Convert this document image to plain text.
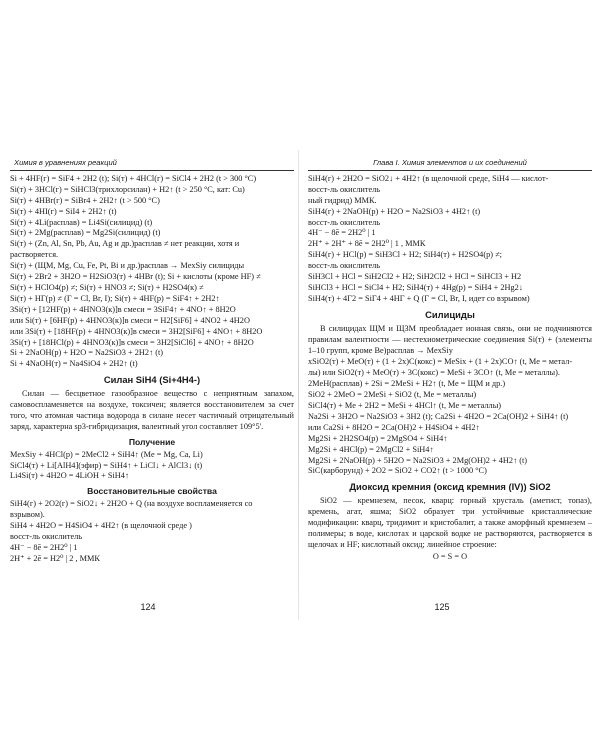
Химия в уравнениях реакций
Si + 4HF(г) = SiF4 + 2H2 (t); Si(т) + 4HCl(г) = SiCl4 + 2H2 (t > 300 °C)
Si(т) + 3HCl(г) = SiHCl3(трихлорсилан) + H2↑ (t > 250 °C, кат: Cu)
Si(т) + 4HBr(г) = SiBr4 + 2H2↑ (t > 500 °C)
Si(т) + 4HI(г) = SiI4 + 2H2↑ (t)
Si(т) + 4Li(расплав) = Li4Si(силицид) (t)
Si(т) + 2Mg(расплав) = Mg2Si(силицид) (t)
Si(т) + (Zn, Al, Sn, Pb, Au, Ag и др.)расплав ≠ нет реакции, хотя и
растворяется.
Si(т) + (ЩМ, Mg, Cu, Fe, Pt, Bi и др.)расплав → MexSiy силициды
Si(т) + 2Br2 + 3H2O = H2SiO3(т) + 4HBr (t); Si + кислоты (кроме HF) ≠
Si(т) + HClO4(р) ≠; Si(т) + HNO3 ≠; Si(т) + H2SO4(к) ≠
Si(т) + HГ(р) ≠ (Г = Cl, Br, I); Si(т) + 4HF(р) = SiF4↑ + 2H2↑
3Si(т) + [12HF(р) + 4HNO3(к)]в смеси = 3SiF4↑ + 4NO↑ + 8H2O
или Si(т) + [6HF(р) + 4HNO3(к)]в смеси = H2[SiF6] + 4NO2 + 4H2O
или 3Si(т) + [18HF(р) + 4HNO3(к)]в смеси = 3H2[SiF6] + 4NO↑ + 8H2O
3Si(т) + [18HCl(р) + 4HNO3(к)]в смеси = 3H2[SiCl6] + 4NO↑ + 8H2O
Si + 2NaOH(р) + H2O = Na2SiO3 + 2H2↑ (t)
Si + 4NaOH(т) = Na4SiO4 + 2H2↑ (t)
Силан SiH4 (Si+4H4-)
Силан — бесцветное газообразное вещество с неприятным запахом, самовоспламеняется на воздухе, токсичен; является восстановителем за счет того, что атомная частица водорода в силане несет частичный отрицательный заряд, характерна sp3-гибридизация, валентный угол составляет 109°5'.
Получение
MexSiy + 4HCl(р) = 2MeCl2 + SiH4↑ (Me = Mg, Ca, Li)
SiCl4(т) + Li[AlH4](эфир) = SiH4↑ + LiCl↓ + AlCl3↓ (t)
Li4Si(т) + 4H2O = 4LiOH + SiH4↑
Восстановительные свойства
SiH4(г) + 2O2(г) = SiO2↓ + 2H2O + Q (на воздухе воспламеняется со
взрывом).
SiH4 + 4H2O = H4SiO4 + 4H2↑ (в щелочной среде )
восст-ль окислитель
4H⁻ − 8ē = 2H2⁰ | 1
2H⁺ + 2ē = H2⁰ | 2 , ММК
124
Глава I. Химия элементов и их соединений
SiH4(г) + 2H2O = SiO2↓ + 4H2↑ (в щелочной среде, SiH4 — кислот-
восст-ль окислитель
ный гидрид) ММК.
SiH4(г) + 2NaOH(р) + H2O = Na2SiO3 + 4H2↑ (t)
восст-ль окислитель
4H⁻ − 8ē = 2H2⁰ | 1
2H⁺ + 2H⁺ + 8ē = 2H2⁰ | 1 , ММК
SiH4(г) + HCl(р) = SiH3Cl + H2; SiH4(т) + H2SO4(р) ≠;
восст-ль окислитель
SiH3Cl + HCl = SiH2Cl2 + H2; SiH2Cl2 + HCl = SiHCl3 + H2
SiHCl3 + HCl = SiCl4 + H2; SiH4(т) + 4Hg(р) = SiH4 + 2Hg2↓
SiH4(т) + 4Г2 = SiГ4 + 4HГ + Q (Г = Cl, Br, I, идет со взрывом)
Силициды
В силицидах ЩМ и ЩЗМ преобладает ионная связь, они не подчиняются правилам валентности — нестехиометрические соединения Si(т) + (элементы 1–10 групп, кроме Be)расплав → MexSiy
xSiO2(т) + MeO(т) + (1 + 2x)C(кокс) = MeSix + (1 + 2x)CO↑ (t, Me = метал-
лы) или SiO2(т) + MeO(т) + 3C(кокс) = MeSi + 3CO↑ (t, Me = металлы).
2MeH(расплав) + 2Si = 2MeSi + H2↑ (t, Me = ЩМ и др.)
SiO2 + 2MeO = 2MeSi + SiO2 (t, Me = металлы)
SiCl4(т) + Me + 2H2 = MeSi + 4HCl↑ (t, Me = металлы)
Na2Si + 3H2O = Na2SiO3 + 3H2 (t); Ca2Si + 4H2O = 2Ca(OH)2 + SiH4↑ (t)
или Ca2Si + 8H2O = 2Ca(OH)2 + H4SiO4 + 4H2↑
Mg2Si + 2H2SO4(р) = 2MgSO4 + SiH4↑
Mg2Si + 4HCl(р) = 2MgCl2 + SiH4↑
Mg2Si + 2NaOH(р) + 5H2O = Na2SiO3 + 2Mg(OH)2 + 4H2↑ (t)
SiC(карборунд) + 2O2 = SiO2 + CO2↑ (t > 1000 °C)
Диоксид кремния (оксид кремния (IV)) SiO2
SiO2 — кремнезем, песок, кварц: горный хрусталь (аметист, топаз), кремень, агат, яшма; SiO2 образует три устойчивые кристаллические модификации: кварц, тридимит и кристобалит, а также аморфный кремнезем – полимеры; в воде, кислотах и царской водке не растворяются, растворяется в щелочах и HF; кислотный оксид; линейное строение:
O = S = O
125
